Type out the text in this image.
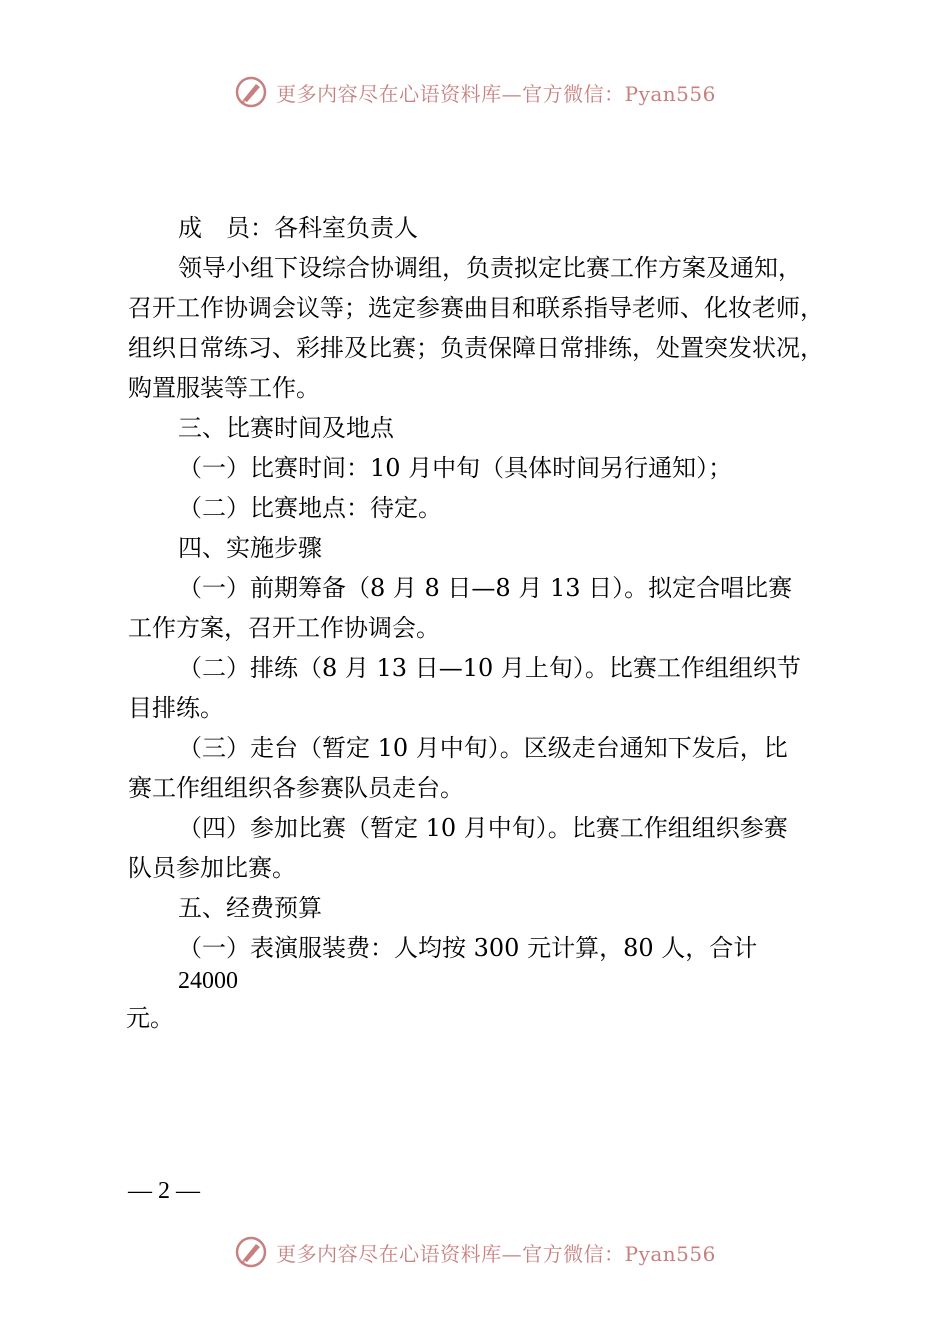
更多内容尽在心语资料库—官方微信：Pyan556
成　员：各科室负责人
领导小组下设综合协调组，负责拟定比赛工作方案及通知，
召开工作协调会议等；选定参赛曲目和联系指导老师、化妆老师，
组织日常练习、彩排及比赛；负责保障日常排练，处置突发状况，
购置服装等工作。
三、比赛时间及地点
（一）比赛时间：10 月中旬（具体时间另行通知）；
（二）比赛地点：待定。
四、实施步骤
（一）前期筹备（8 月 8 日—8 月 13 日）。拟定合唱比赛
工作方案，召开工作协调会。
（二）排练（8 月 13 日—10 月上旬）。比赛工作组组织节
目排练。
（三）走台（暂定 10 月中旬）。区级走台通知下发后，比
赛工作组组织各参赛队员走台。
（四）参加比赛（暂定 10 月中旬）。比赛工作组组织参赛
队员参加比赛。
五、经费预算
（一）表演服装费：人均按 300 元计算，80 人，合计
24000
元。
— 2 —
更多内容尽在心语资料库—官方微信：Pyan556
